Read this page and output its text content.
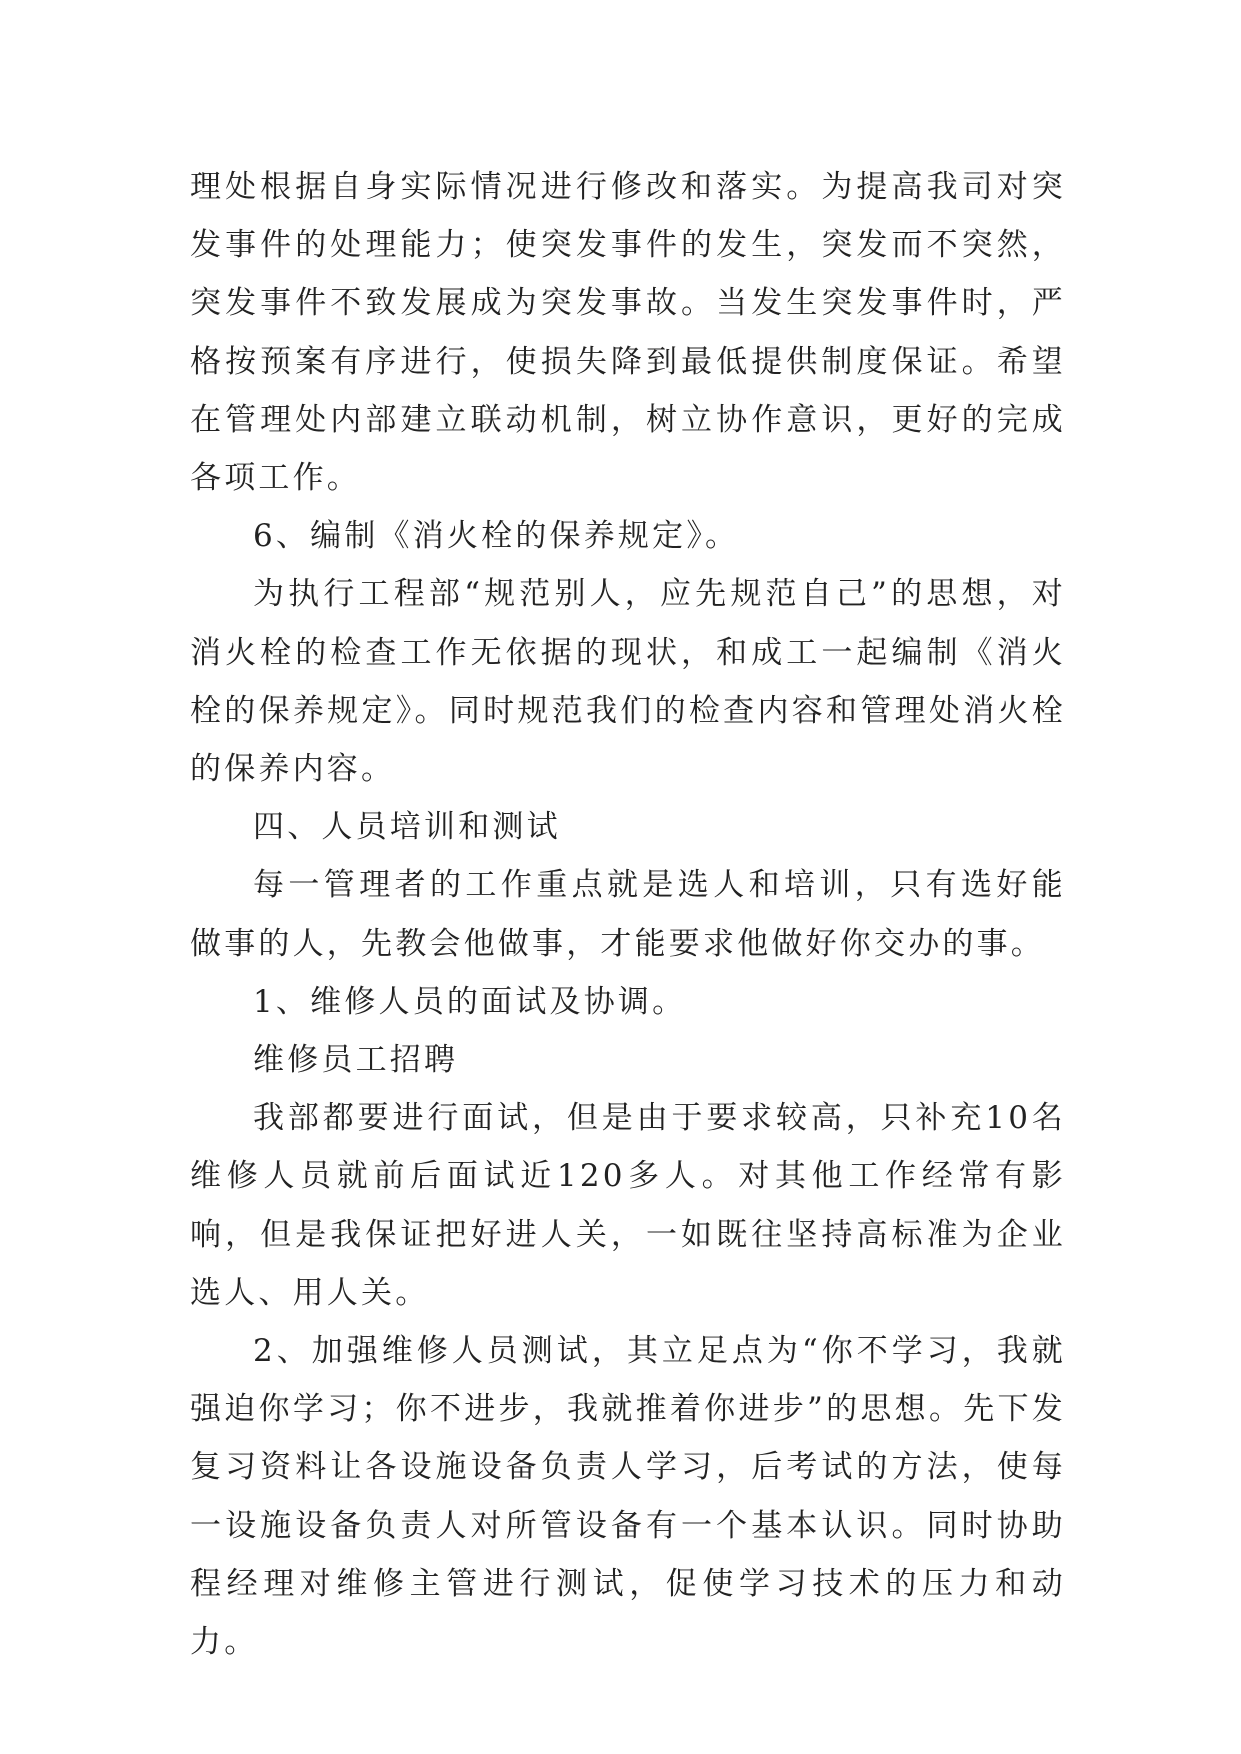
理处根据自身实际情况进行修改和落实。为提高我司对突发事件的处理能力；使突发事件的发生，突发而不突然，突发事件不致发展成为突发事故。当发生突发事件时，严格按预案有序进行，使损失降到最低提供制度保证。希望在管理处内部建立联动机制，树立协作意识，更好的完成各项工作。

6、编制《消火栓的保养规定》。

为执行工程部“规范别人，应先规范自己”的思想，对消火栓的检查工作无依据的现状，和成工一起编制《消火栓的保养规定》。同时规范我们的检查内容和管理处消火栓的保养内容。

四、人员培训和测试

每一管理者的工作重点就是选人和培训，只有选好能做事的人，先教会他做事，才能要求他做好你交办的事。

1、维修人员的面试及协调。

维修员工招聘

我部都要进行面试，但是由于要求较高，只补充10名维修人员就前后面试近120多人。对其他工作经常有影响，但是我保证把好进人关，一如既往坚持高标准为企业选人、用人关。

2、加强维修人员测试，其立足点为“你不学习，我就强迫你学习；你不进步，我就推着你进步”的思想。先下发复习资料让各设施设备负责人学习，后考试的方法，使每一设施设备负责人对所管设备有一个基本认识。同时协助程经理对维修主管进行测试，促使学习技术的压力和动力。
